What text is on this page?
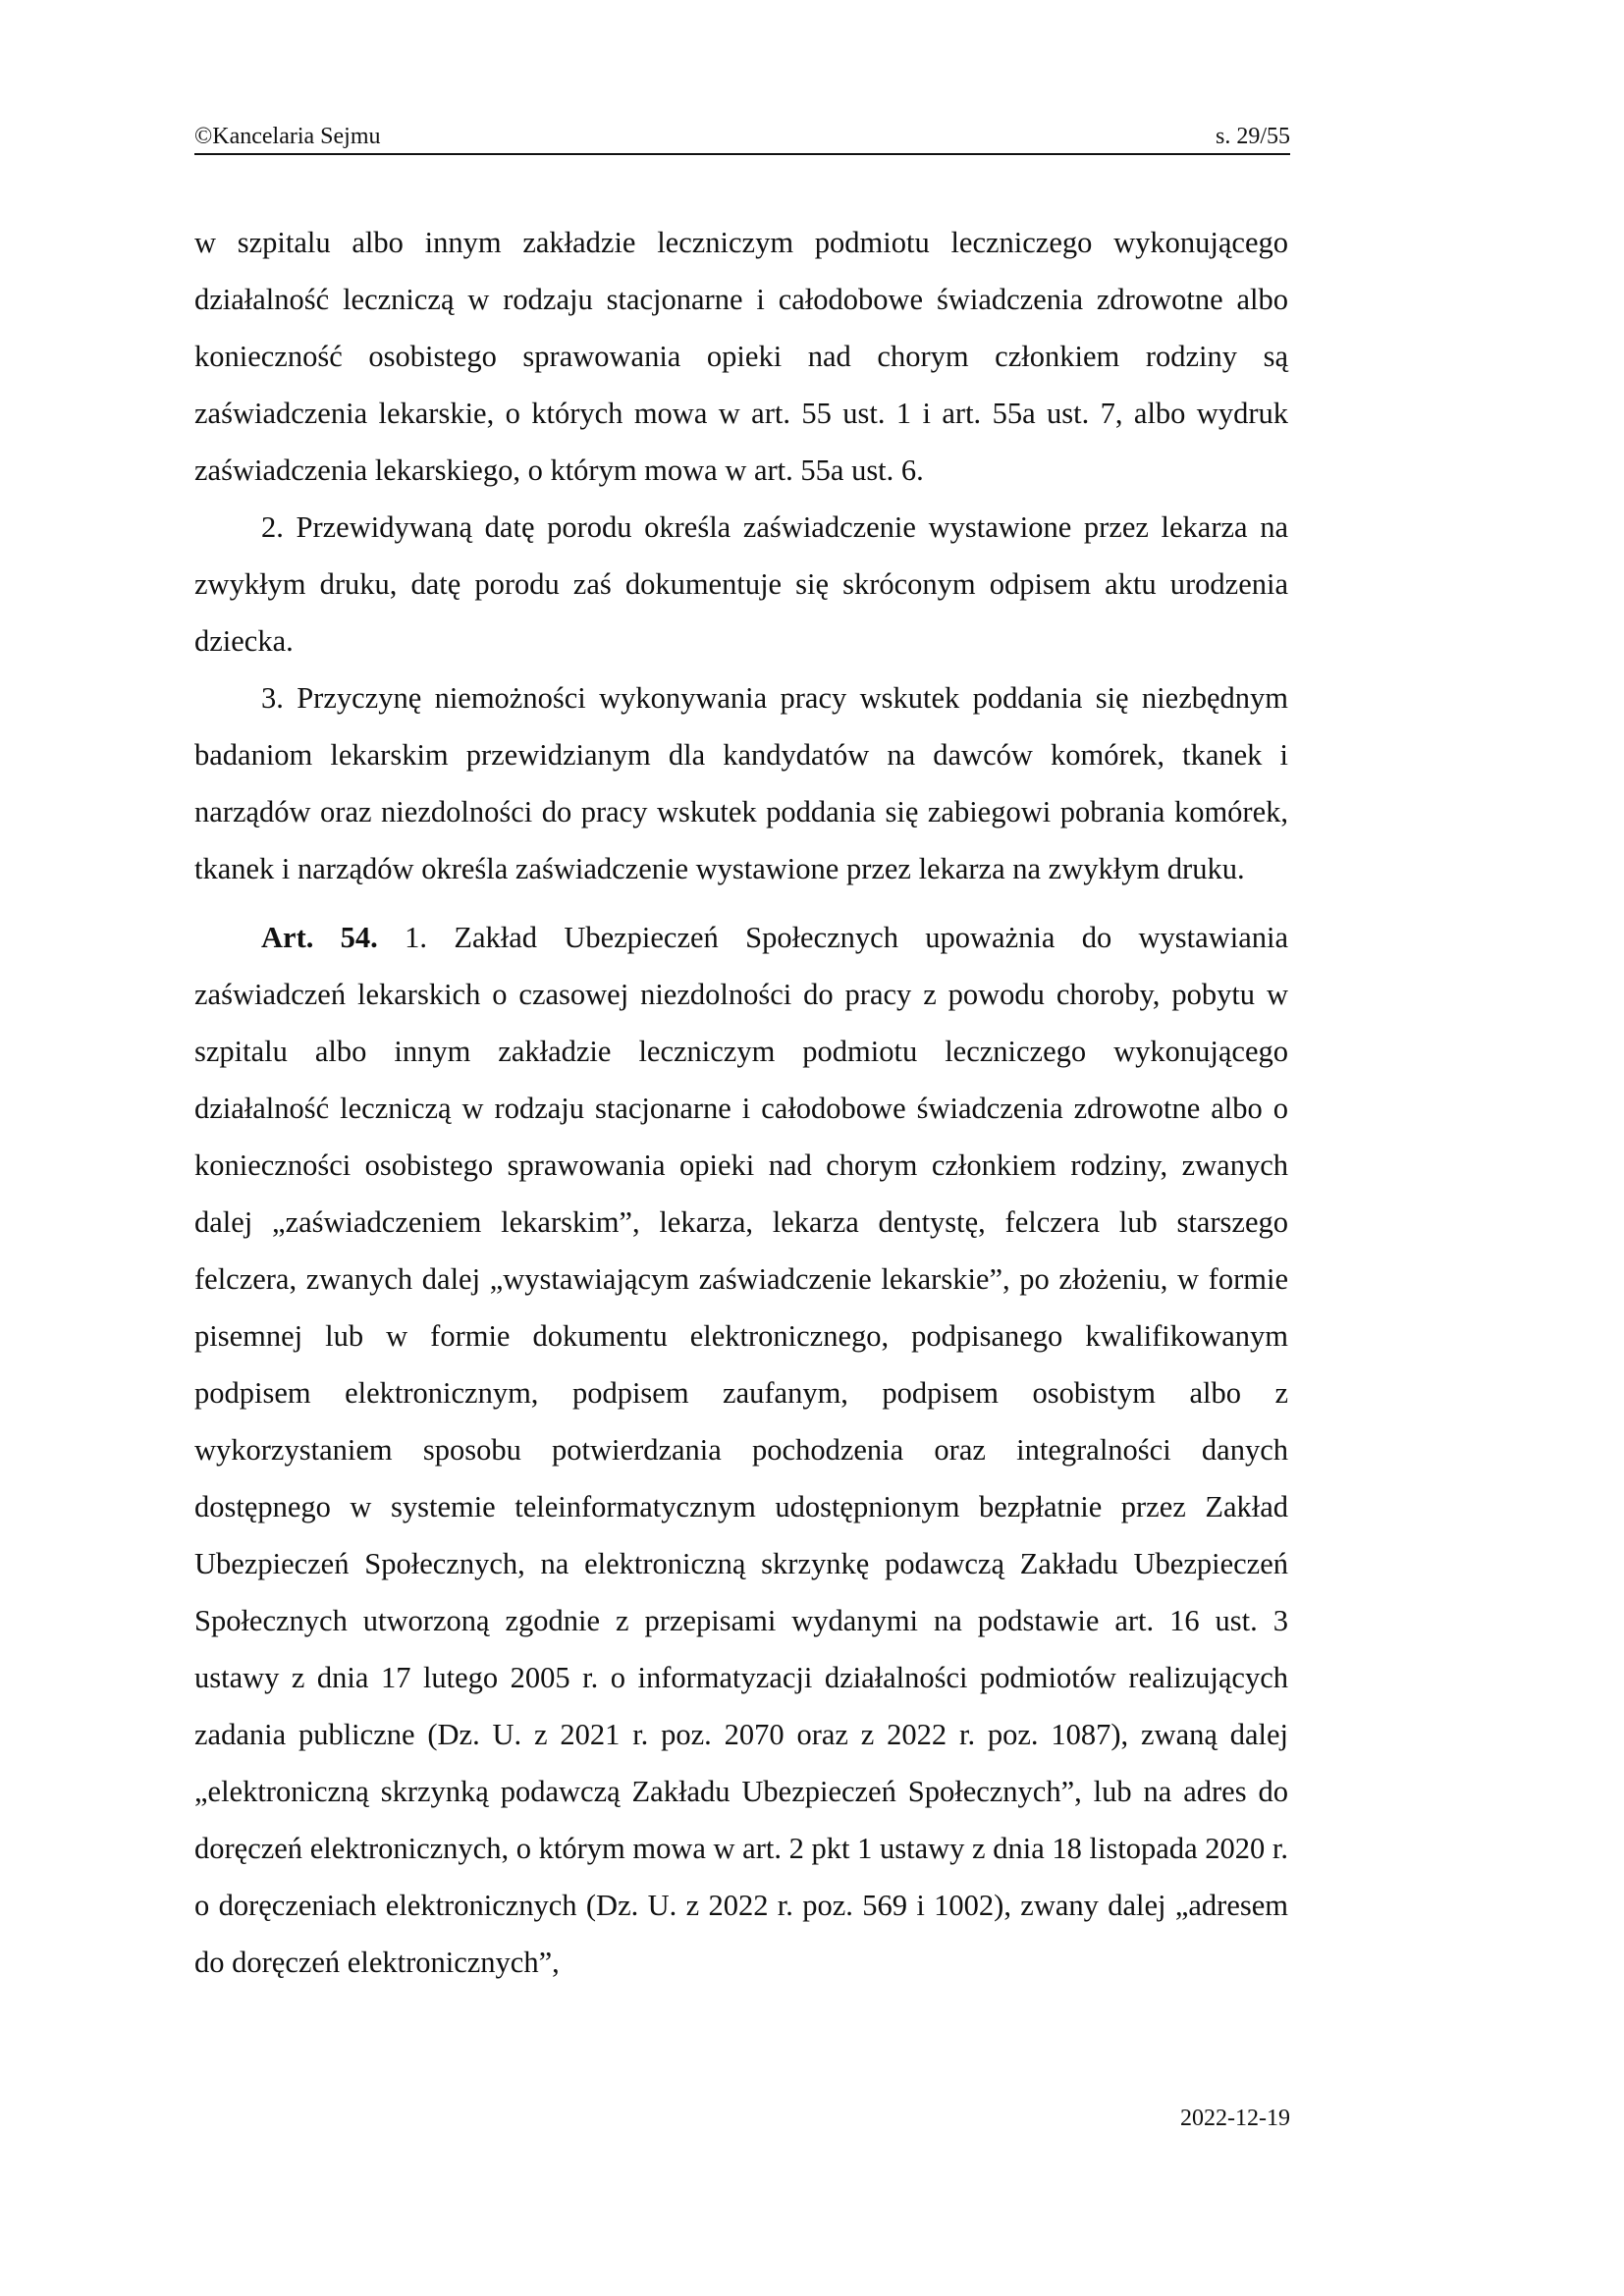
©Kancelaria Sejmu	s. 29/55

w szpitalu albo innym zakładzie leczniczym podmiotu leczniczego wykonującego działalność leczniczą w rodzaju stacjonarne i całodobowe świadczenia zdrowotne albo konieczność osobistego sprawowania opieki nad chorym członkiem rodziny są zaświadczenia lekarskie, o których mowa w art. 55 ust. 1 i art. 55a ust. 7, albo wydruk zaświadczenia lekarskiego, o którym mowa w art. 55a ust. 6.

2. Przewidywaną datę porodu określa zaświadczenie wystawione przez lekarza na zwykłym druku, datę porodu zaś dokumentuje się skróconym odpisem aktu urodzenia dziecka.

3. Przyczynę niemożności wykonywania pracy wskutek poddania się niezbędnym badaniom lekarskim przewidzianym dla kandydatów na dawców komórek, tkanek i narządów oraz niezdolności do pracy wskutek poddania się zabiegowi pobrania komórek, tkanek i narządów określa zaświadczenie wystawione przez lekarza na zwykłym druku.

Art. 54. 1. Zakład Ubezpieczeń Społecznych upoważnia do wystawiania zaświadczeń lekarskich o czasowej niezdolności do pracy z powodu choroby, pobytu w szpitalu albo innym zakładzie leczniczym podmiotu leczniczego wykonującego działalność leczniczą w rodzaju stacjonarne i całodobowe świadczenia zdrowotne albo o konieczności osobistego sprawowania opieki nad chorym członkiem rodziny, zwanych dalej „zaświadczeniem lekarskim”, lekarza, lekarza dentystę, felczera lub starszego felczera, zwanych dalej „wystawiającym zaświadczenie lekarskie”, po złożeniu, w formie pisemnej lub w formie dokumentu elektronicznego, podpisanego kwalifikowanym podpisem elektronicznym, podpisem zaufanym, podpisem osobistym albo z wykorzystaniem sposobu potwierdzania pochodzenia oraz integralności danych dostępnego w systemie teleinformatycznym udostępnionym bezpłatnie przez Zakład Ubezpieczeń Społecznych, na elektroniczną skrzynkę podawczą Zakładu Ubezpieczeń Społecznych utworzoną zgodnie z przepisami wydanymi na podstawie art. 16 ust. 3 ustawy z dnia 17 lutego 2005 r. o informatyzacji działalności podmiotów realizujących zadania publiczne (Dz. U. z 2021 r. poz. 2070 oraz z 2022 r. poz. 1087), zwaną dalej „elektroniczną skrzynką podawczą Zakładu Ubezpieczeń Społecznych”, lub na adres do doręczeń elektronicznych, o którym mowa w art. 2 pkt 1 ustawy z dnia 18 listopada 2020 r. o doręczeniach elektronicznych (Dz. U. z 2022 r. poz. 569 i 1002), zwany dalej „adresem do doręczeń elektronicznych”,

2022-12-19
